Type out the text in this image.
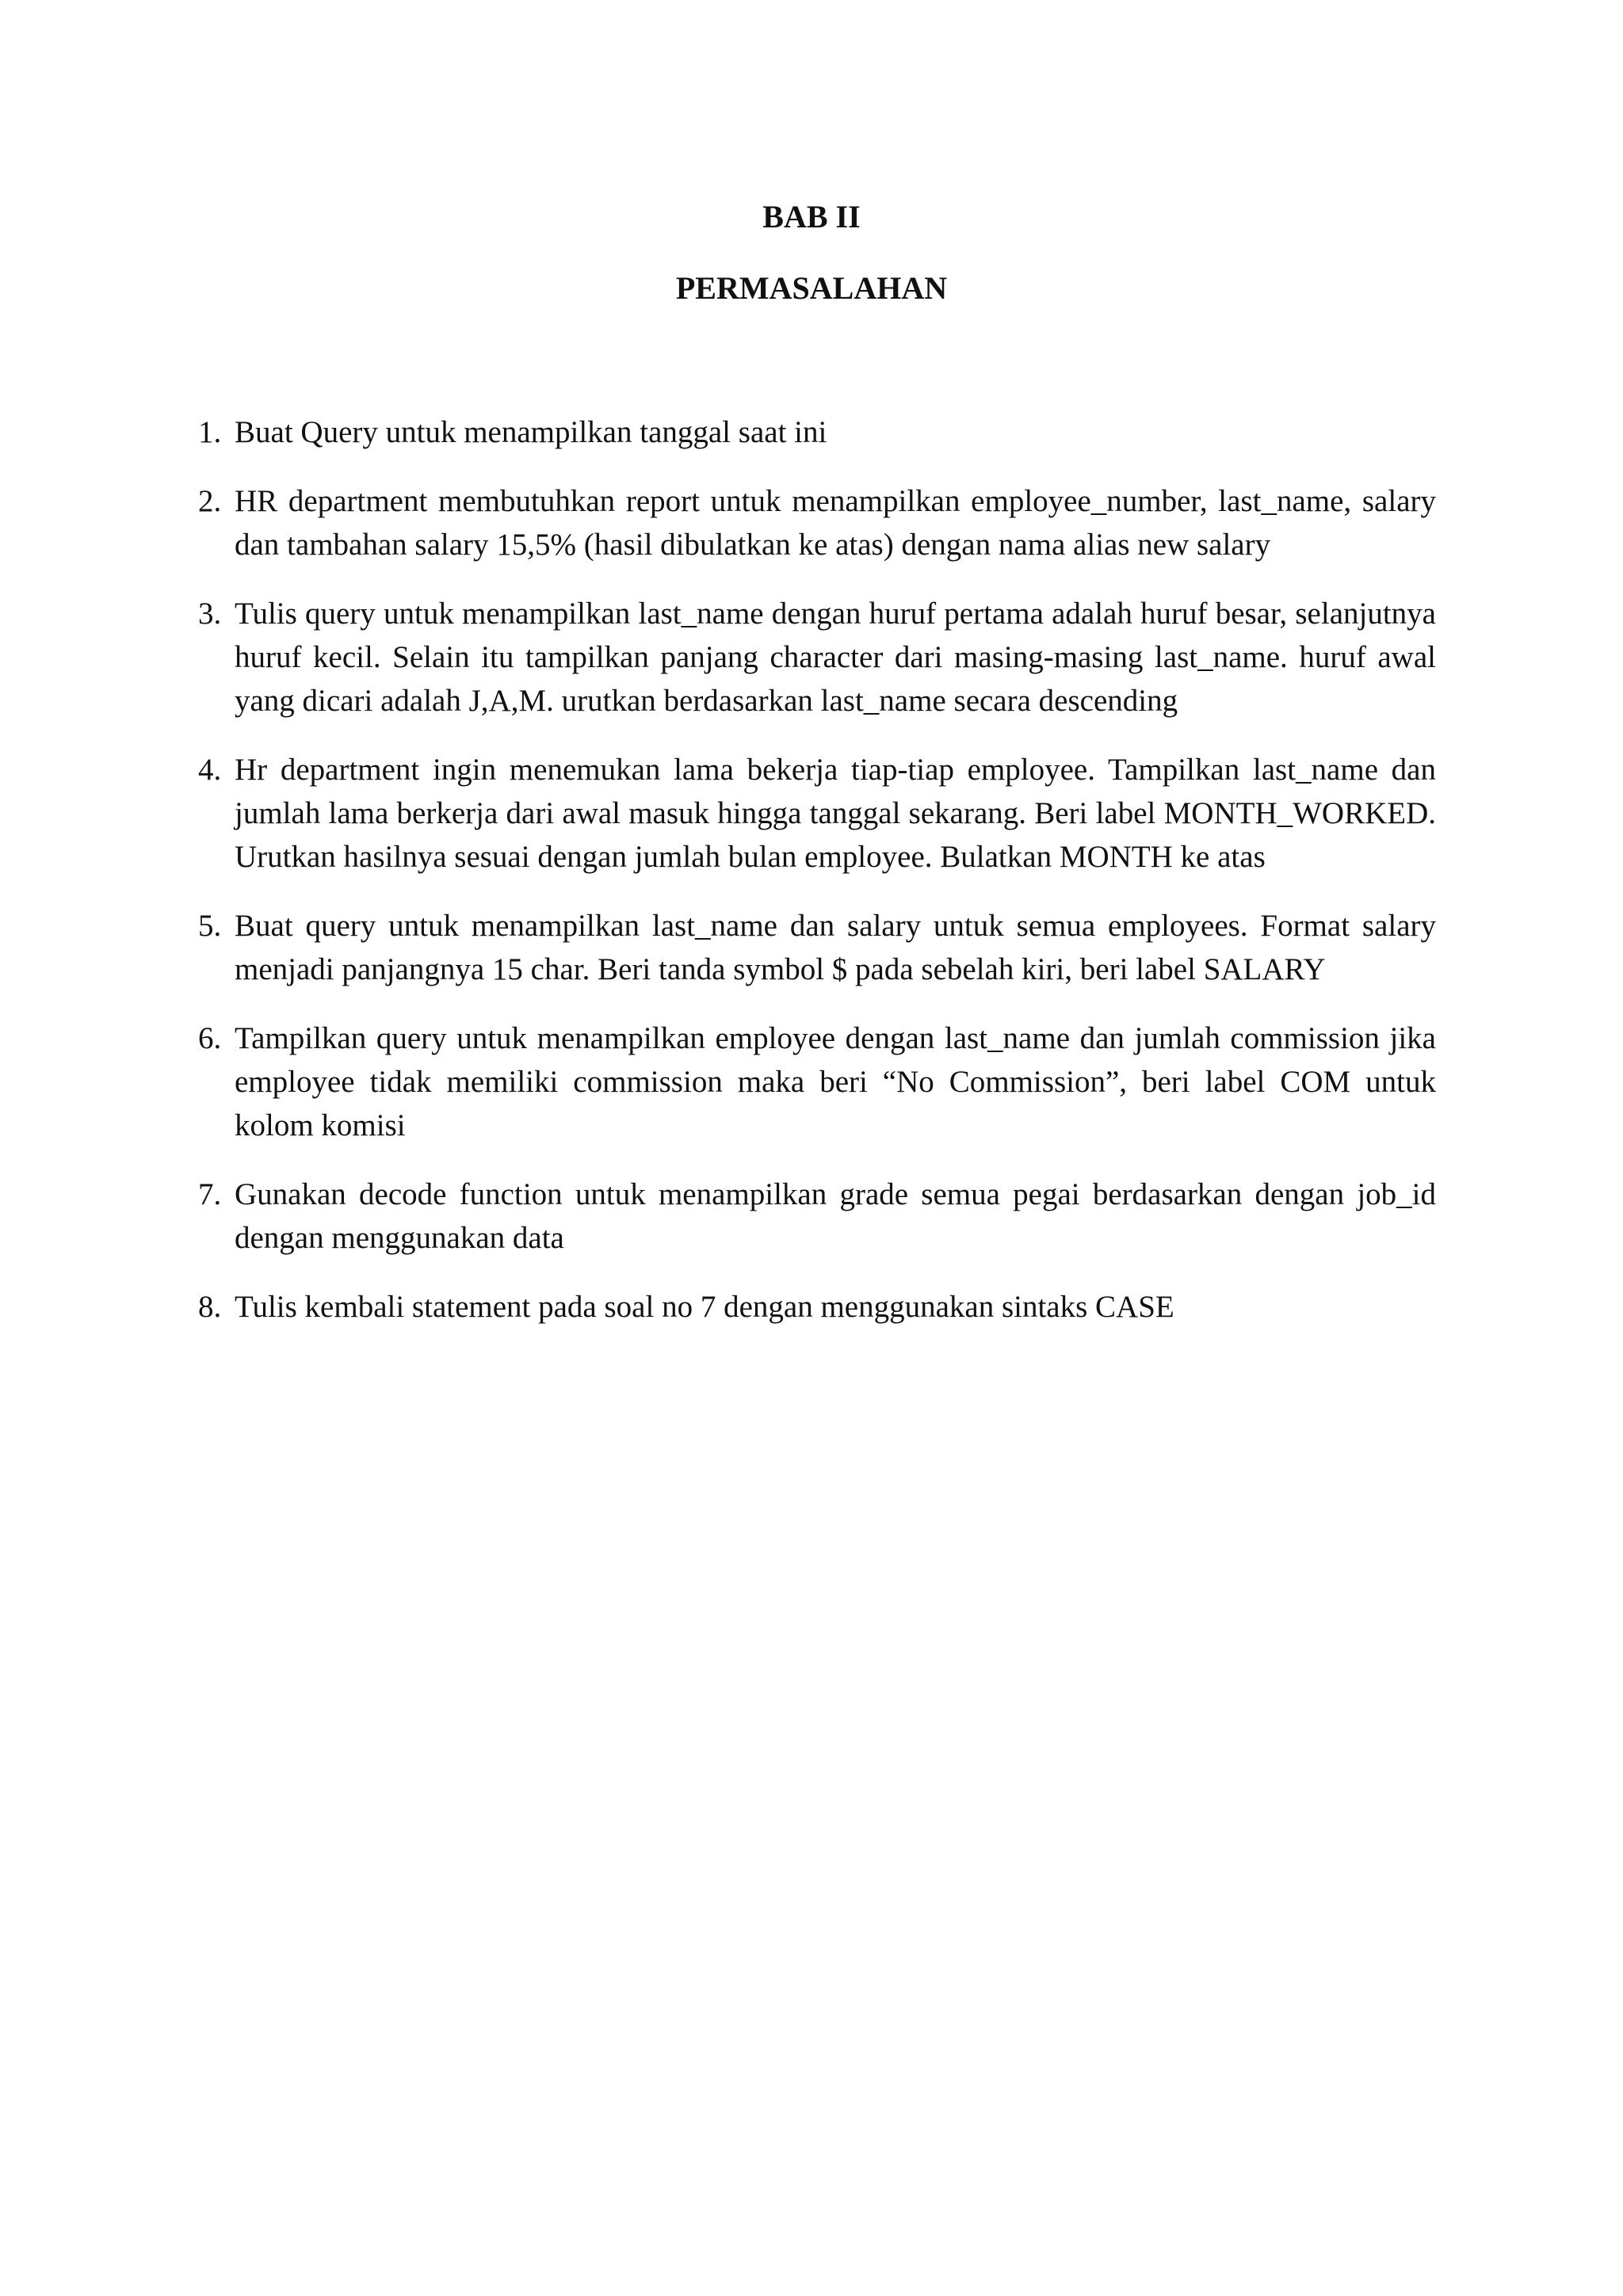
BAB II
PERMASALAHAN
1. Buat Query untuk menampilkan tanggal saat ini
2. HR department membutuhkan report untuk menampilkan employee_number, last_name, salary dan tambahan salary 15,5% (hasil dibulatkan ke atas) dengan nama alias new salary
3. Tulis query untuk menampilkan last_name dengan huruf pertama adalah huruf besar, selanjutnya huruf kecil. Selain itu tampilkan panjang character dari masing-masing last_name. huruf awal yang dicari adalah J,A,M. urutkan berdasarkan last_name secara descending
4. Hr department ingin menemukan lama bekerja tiap-tiap employee. Tampilkan last_name dan jumlah lama berkerja dari awal masuk hingga tanggal sekarang. Beri label MONTH_WORKED. Urutkan hasilnya sesuai dengan jumlah bulan employee. Bulatkan MONTH ke atas
5. Buat query untuk menampilkan last_name dan salary untuk semua employees. Format salary menjadi panjangnya 15 char. Beri tanda symbol $ pada sebelah kiri, beri label SALARY
6. Tampilkan query untuk menampilkan employee dengan last_name dan jumlah commission jika employee tidak memiliki commission maka beri “No Commission”, beri label COM untuk kolom komisi
7. Gunakan decode function untuk menampilkan grade semua pegai berdasarkan dengan job_id dengan menggunakan data
8. Tulis kembali statement pada soal no 7 dengan menggunakan sintaks CASE
